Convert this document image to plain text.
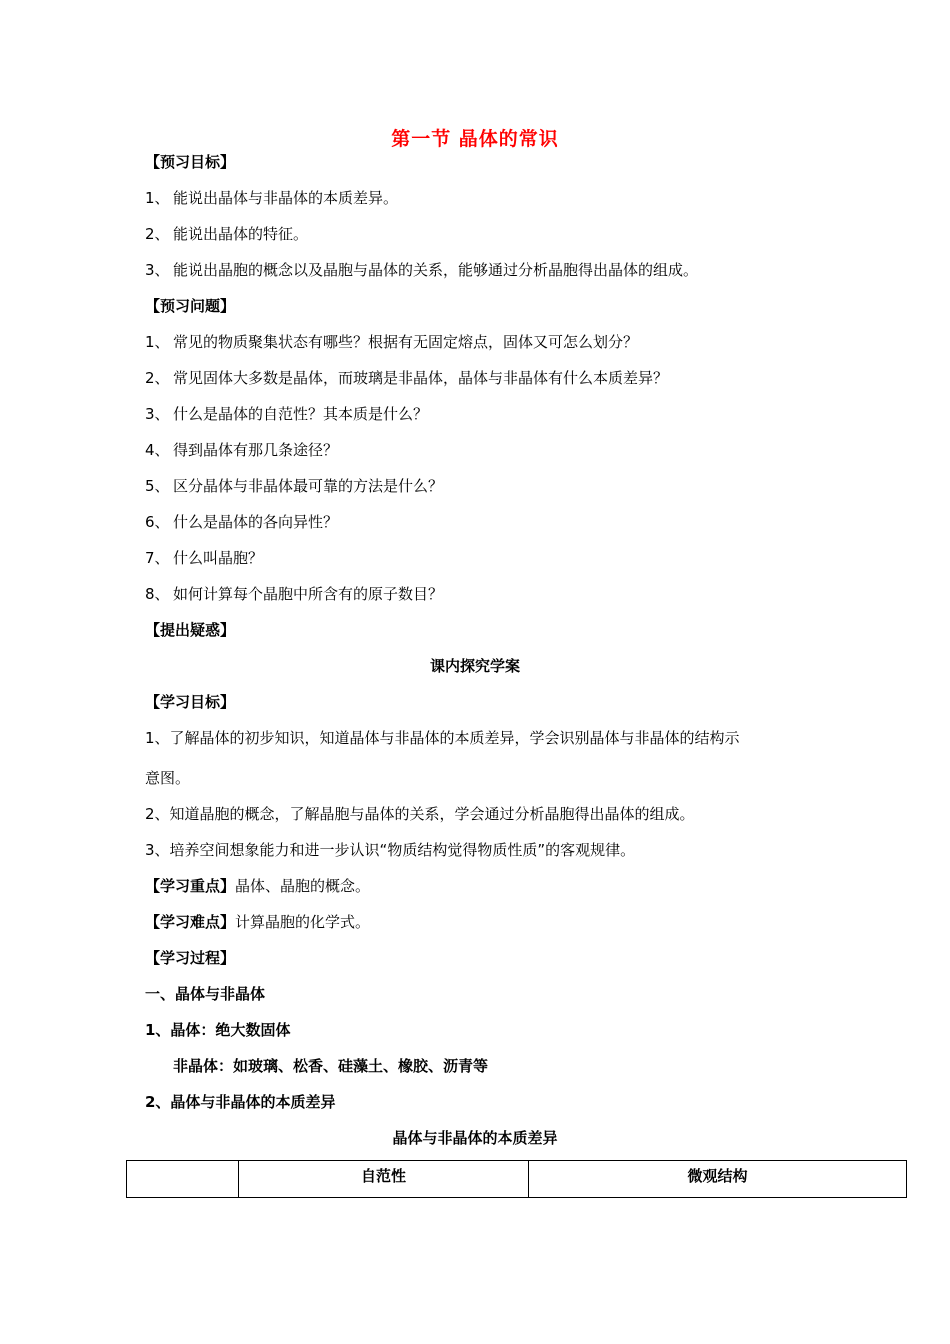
第一节 晶体的常识
【预习目标】
1、 能说出晶体与非晶体的本质差异。
2、 能说出晶体的特征。
3、 能说出晶胞的概念以及晶胞与晶体的关系，能够通过分析晶胞得出晶体的组成。
【预习问题】
1、 常见的物质聚集状态有哪些？根据有无固定熔点，固体又可怎么划分？
2、 常见固体大多数是晶体，而玻璃是非晶体，晶体与非晶体有什么本质差异？
3、 什么是晶体的自范性？其本质是什么？
4、 得到晶体有那几条途径？
5、 区分晶体与非晶体最可靠的方法是什么？
6、 什么是晶体的各向异性？
7、 什么叫晶胞？
8、 如何计算每个晶胞中所含有的原子数目？
【提出疑惑】
课内探究学案
【学习目标】
1、了解晶体的初步知识，知道晶体与非晶体的本质差异，学会识别晶体与非晶体的结构示
意图。
2、知道晶胞的概念，了解晶胞与晶体的关系，学会通过分析晶胞得出晶体的组成。
3、培养空间想象能力和进一步认识“物质结构觉得物质性质”的客观规律。
【学习重点】晶体、晶胞的概念。
【学习难点】计算晶胞的化学式。
【学习过程】
一、晶体与非晶体
1、晶体：绝大数固体
非晶体：如玻璃、松香、硅藻土、橡胶、沥青等
2、晶体与非晶体的本质差异
晶体与非晶体的本质差异
	自范性	微观结构
